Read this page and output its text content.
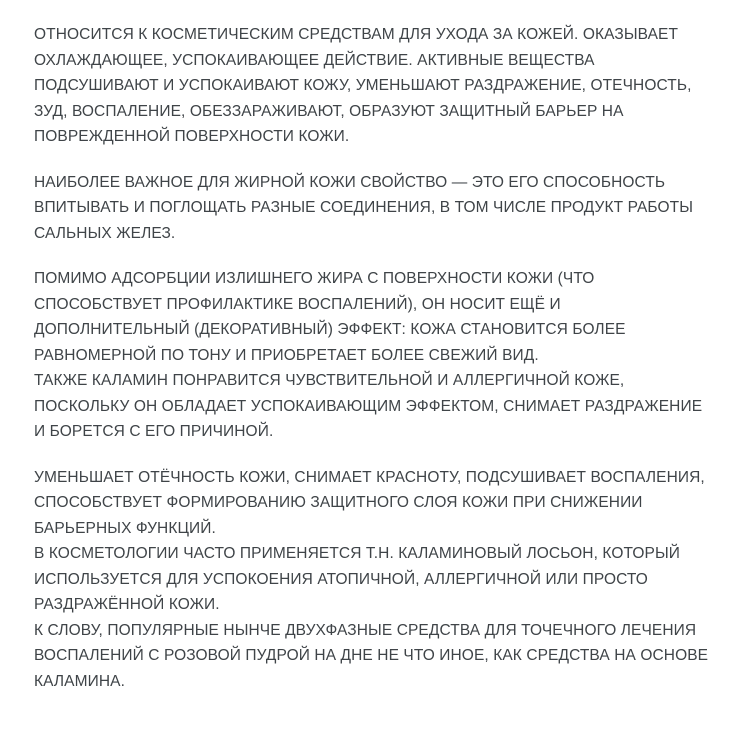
ОТНОСИТСЯ К КОСМЕТИЧЕСКИМ СРЕДСТВАМ ДЛЯ УХОДА ЗА КОЖЕЙ. ОКАЗЫВАЕТ ОХЛАЖДАЮЩЕЕ, УСПОКАИВАЮЩЕЕ ДЕЙСТВИЕ. АКТИВНЫЕ ВЕЩЕСТВА ПОДСУШИВАЮТ И УСПОКАИВАЮТ КОЖУ, УМЕНЬШАЮТ РАЗДРАЖЕНИЕ, ОТЕЧНОСТЬ, ЗУД, ВОСПАЛЕНИЕ, ОБЕЗЗАРАЖИВАЮТ, ОБРАЗУЮТ ЗАЩИТНЫЙ БАРЬЕР НА ПОВРЕЖДЕННОЙ ПОВЕРХНОСТИ КОЖИ.

НАИБОЛЕЕ ВАЖНОЕ ДЛЯ ЖИРНОЙ КОЖИ СВОЙСТВО — ЭТО ЕГО СПОСОБНОСТЬ ВПИТЫВАТЬ И ПОГЛОЩАТЬ РАЗНЫЕ СОЕДИНЕНИЯ, В ТОМ ЧИСЛЕ ПРОДУКТ РАБОТЫ САЛЬНЫХ ЖЕЛЕЗ.

ПОМИМО АДСОРБЦИИ ИЗЛИШНЕГО ЖИРА С ПОВЕРХНОСТИ КОЖИ (ЧТО СПОСОБСТВУЕТ ПРОФИЛАКТИКЕ ВОСПАЛЕНИЙ), ОН НОСИТ ЕЩЁ И ДОПОЛНИТЕЛЬНЫЙ (ДЕКОРАТИВНЫЙ) ЭФФЕКТ: КОЖА СТАНОВИТСЯ БОЛЕЕ РАВНОМЕРНОЙ ПО ТОНУ И ПРИОБРЕТАЕТ БОЛЕЕ СВЕЖИЙ ВИД.

ТАКЖЕ КАЛАМИН ПОНРАВИТСЯ ЧУВСТВИТЕЛЬНОЙ И АЛЛЕРГИЧНОЙ КОЖЕ, ПОСКОЛЬКУ ОН ОБЛАДАЕТ УСПОКАИВАЮЩИМ ЭФФЕКТОМ, СНИМАЕТ РАЗДРАЖЕНИЕ И БОРЕТСЯ С ЕГО ПРИЧИНОЙ.

УМЕНЬШАЕТ ОТЁЧНОСТЬ КОЖИ, СНИМАЕТ КРАСНОТУ, ПОДСУШИВАЕТ ВОСПАЛЕНИЯ, СПОСОБСТВУЕТ ФОРМИРОВАНИЮ ЗАЩИТНОГО СЛОЯ КОЖИ ПРИ СНИЖЕНИИ БАРЬЕРНЫХ ФУНКЦИЙ.

В КОСМЕТОЛОГИИ ЧАСТО ПРИМЕНЯЕТСЯ Т.Н. КАЛАМИНОВЫЙ ЛОСЬОН, КОТОРЫЙ ИСПОЛЬЗУЕТСЯ ДЛЯ УСПОКОЕНИЯ АТОПИЧНОЙ, АЛЛЕРГИЧНОЙ ИЛИ ПРОСТО РАЗДРАЖЁННОЙ КОЖИ.

К СЛОВУ, ПОПУЛЯРНЫЕ НЫНЧЕ ДВУХФАЗНЫЕ СРЕДСТВА ДЛЯ ТОЧЕЧНОГО ЛЕЧЕНИЯ ВОСПАЛЕНИЙ С РОЗОВОЙ ПУДРОЙ НА ДНЕ НЕ ЧТО ИНОЕ, КАК СРЕДСТВА НА ОСНОВЕ КАЛАМИНА.
